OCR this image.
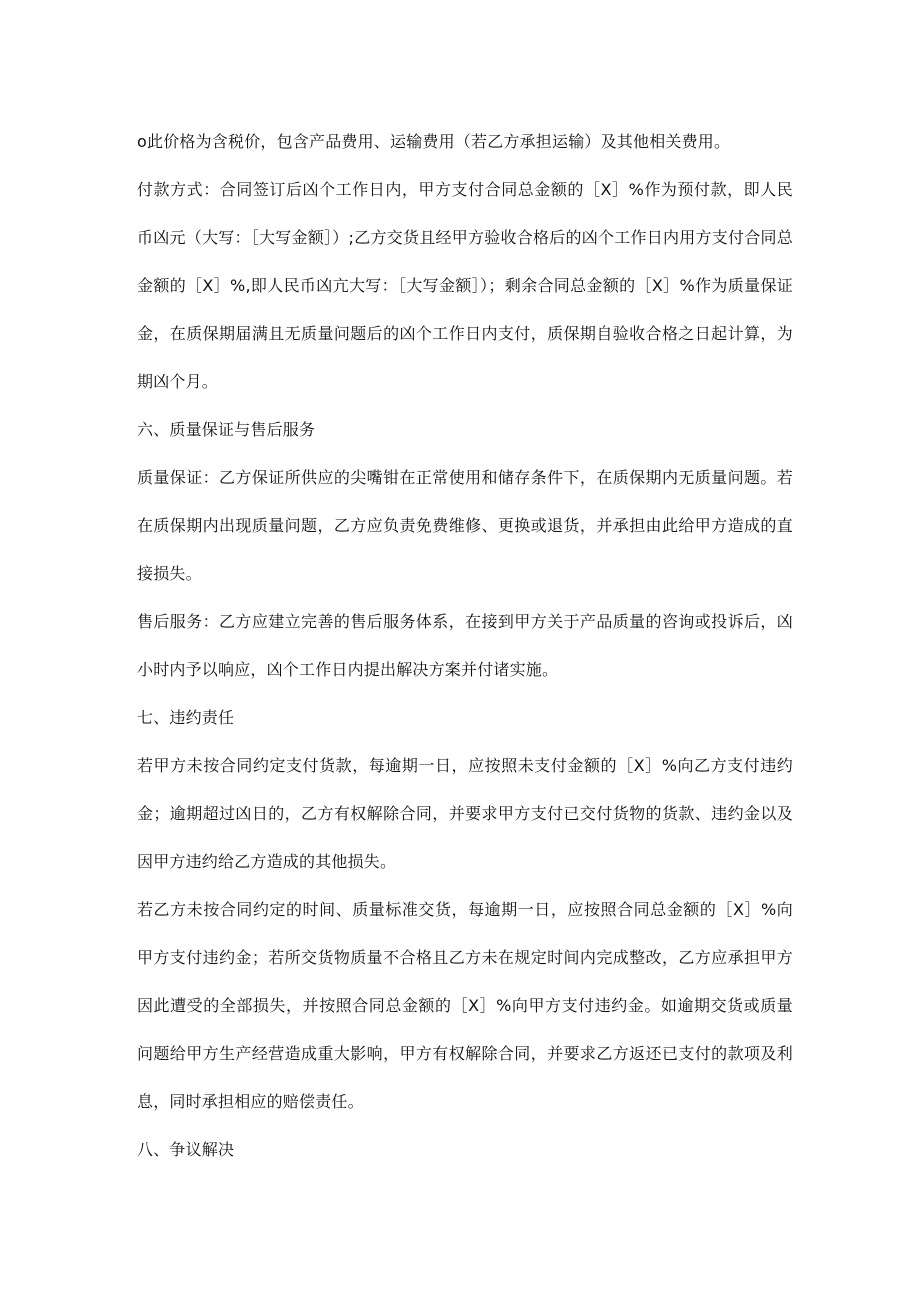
o此价格为含税价，包含产品费用、运输费用（若乙方承担运输）及其他相关费用。

付款方式：合同签订后凶个工作日内，甲方支付合同总金额的［X］%作为预付款，即人民币凶元（大写：［大写金额］）;乙方交货且经甲方验收合格后的凶个工作日内用方支付合同总金额的［X］%,即人民币凶亢大写：［大写金额］）；剩余合同总金额的［X］%作为质量保证金，在质保期届满且无质量问题后的凶个工作日内支付，质保期自验收合格之日起计算，为期凶个月。

六、质量保证与售后服务

质量保证：乙方保证所供应的尖嘴钳在正常使用和储存条件下，在质保期内无质量问题。若在质保期内出现质量问题，乙方应负责免费维修、更换或退货，并承担由此给甲方造成的直接损失。

售后服务：乙方应建立完善的售后服务体系，在接到甲方关于产品质量的咨询或投诉后，凶小时内予以响应，凶个工作日内提出解决方案并付诸实施。

七、违约责任

若甲方未按合同约定支付货款，每逾期一日，应按照未支付金额的［X］%向乙方支付违约金；逾期超过凶日的，乙方有权解除合同，并要求甲方支付已交付货物的货款、违约金以及因甲方违约给乙方造成的其他损失。

若乙方未按合同约定的时间、质量标准交货，每逾期一日，应按照合同总金额的［X］%向甲方支付违约金；若所交货物质量不合格且乙方未在规定时间内完成整改，乙方应承担甲方因此遭受的全部损失，并按照合同总金额的［X］%向甲方支付违约金。如逾期交货或质量问题给甲方生产经营造成重大影响，甲方有权解除合同，并要求乙方返还已支付的款项及利息，同时承担相应的赔偿责任。

八、争议解决
